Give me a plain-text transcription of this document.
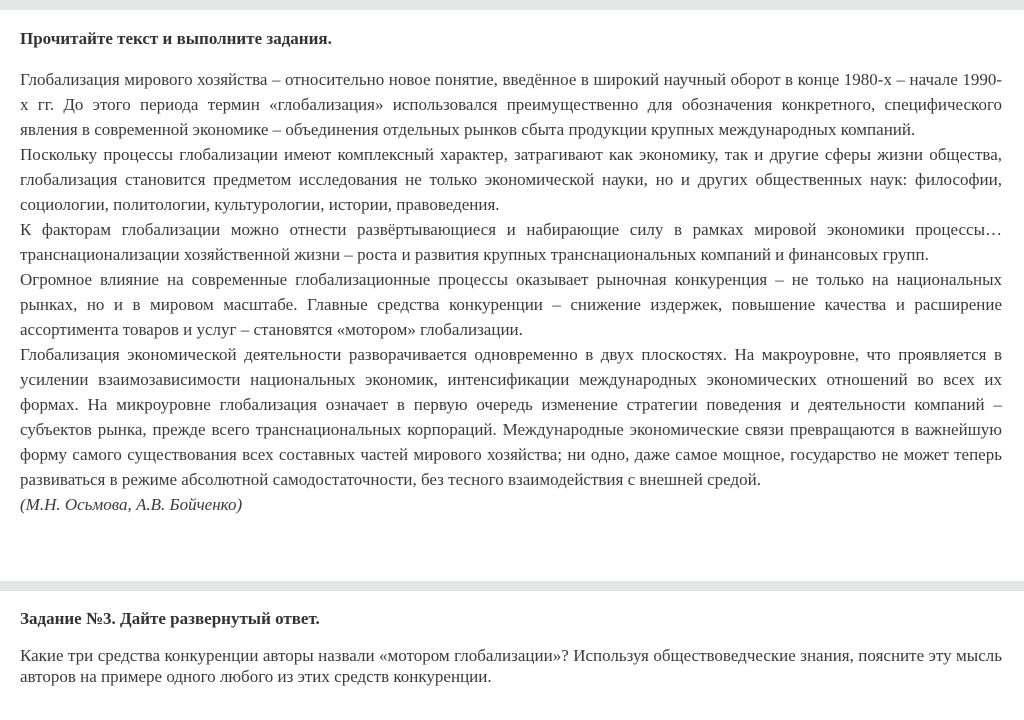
Прочитайте текст и выполните задания.

Глобализация мирового хозяйства – относительно новое понятие, введённое в широкий научный оборот в конце 1980-х – начале 1990-х гг. До этого периода термин «глобализация» использовался преимущественно для обозначения конкретного, специфического явления в современной экономике – объединения отдельных рынков сбыта продукции крупных международных компаний.

Поскольку процессы глобализации имеют комплексный характер, затрагивают как экономику, так и другие сферы жизни общества, глобализация становится предметом исследования не только экономической науки, но и других общественных наук: философии, социологии, политологии, культурологии, истории, правоведения.

К факторам глобализации можно отнести развёртывающиеся и набирающие силу в рамках мировой экономики процессы… транснационализации хозяйственной жизни – роста и развития крупных транснациональных компаний и финансовых групп.

Огромное влияние на современные глобализационные процессы оказывает рыночная конкуренция – не только на национальных рынках, но и в мировом масштабе. Главные средства конкуренции – снижение издержек, повышение качества и расширение ассортимента товаров и услуг – становятся «мотором» глобализации.

Глобализация экономической деятельности разворачивается одновременно в двух плоскостях. На макроуровне, что проявляется в усилении взаимозависимости национальных экономик, интенсификации международных экономических отношений во всех их формах. На микроуровне глобализация означает в первую очередь изменение стратегии поведения и деятельности компаний – субъектов рынка, прежде всего транснациональных корпораций. Международные экономические связи превращаются в важнейшую форму самого существования всех составных частей мирового хозяйства; ни одно, даже самое мощное, государство не может теперь развиваться в режиме абсолютной самодостаточности, без тесного взаимодействия с внешней средой.

(М.Н. Осьмова, А.В. Бойченко)

Задание №3. Дайте развернутый ответ.

Какие три средства конкуренции авторы назвали «мотором глобализации»? Используя обществоведческие знания, поясните эту мысль авторов на примере одного любого из этих средств конкуренции.
